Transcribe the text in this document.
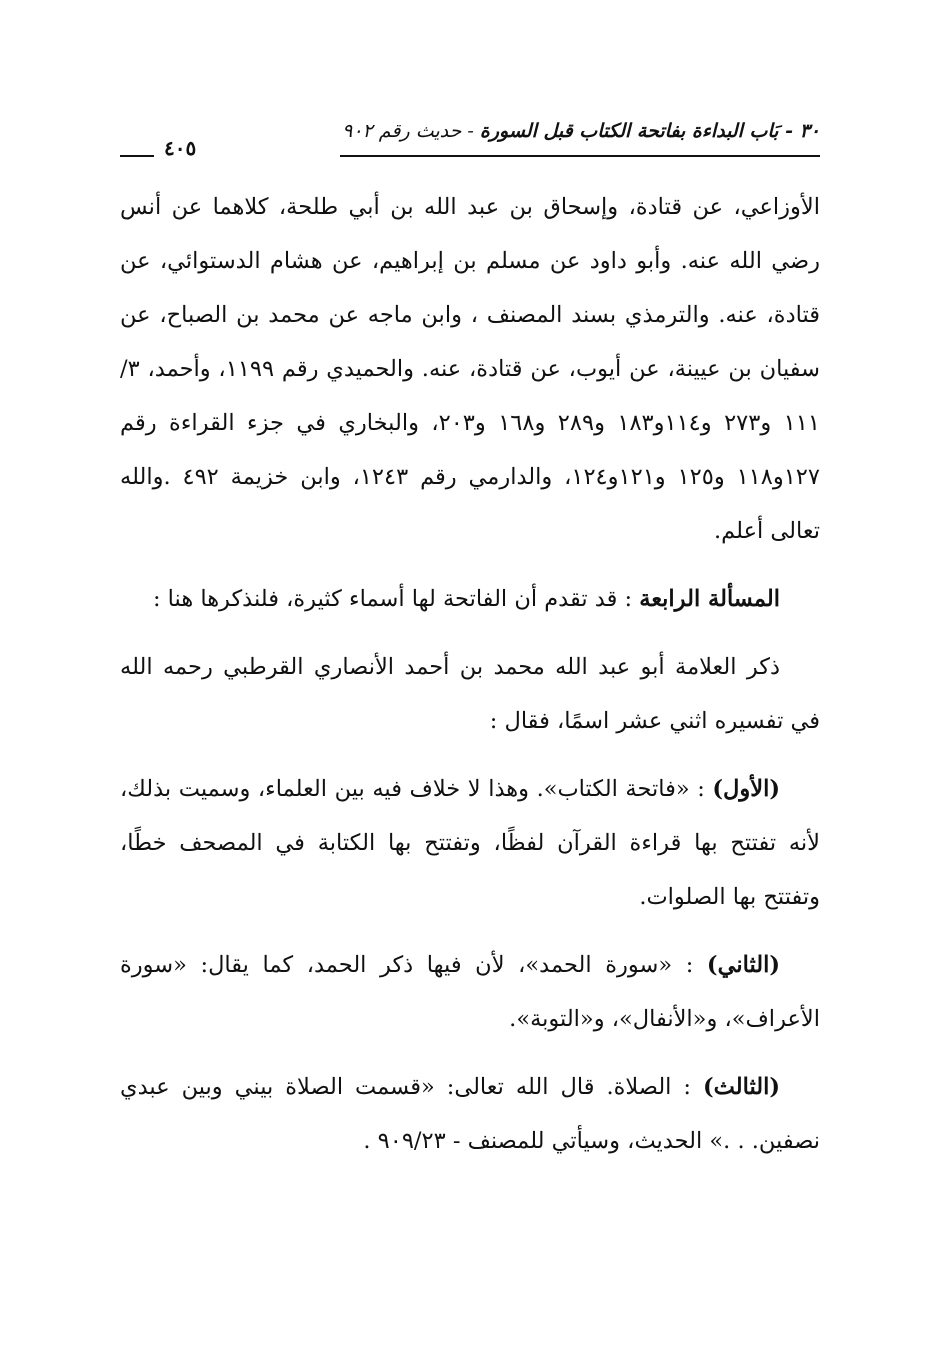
٣٠ - بَاب البداءة بفاتحة الكتاب قبل السورة - حديث رقم ٩٠٢
٤٠٥

الأوزاعي، عن قتادة، وإسحاق بن عبد الله بن أبي طلحة، كلاهما عن أنس رضي الله عنه. وأبو داود عن مسلم بن إبراهيم، عن هشام الدستوائي، عن قتادة، عنه. والترمذي بسند المصنف ، وابن ماجه عن محمد بن الصباح، عن سفيان بن عيينة، عن أيوب، عن قتادة، عنه. والحميدي رقم ١١٩٩، وأحمد، ٣/ ١١١ و٢٧٣ و١١٤و١٨٣ و٢٨٩ و١٦٨ و٢٠٣، والبخاري في جزء القراءة رقم ١٢٧و١١٨ و١٢٥ و١٢١و١٢٤، والدارمي رقم ١٢٤٣، وابن خزيمة ٤٩٢ .والله تعالى أعلم.

المسألة الرابعة : قد تقدم أن الفاتحة لها أسماء كثيرة، فلنذكرها هنا :

ذكر العلامة أبو عبد الله محمد بن أحمد الأنصاري القرطبي رحمه الله في تفسيره اثني عشر اسمًا، فقال :

(الأول) : «فاتحة الكتاب». وهذا لا خلاف فيه بين العلماء، وسميت بذلك، لأنه تفتتح بها قراءة القرآن لفظًا، وتفتتح بها الكتابة في المصحف خطًا، وتفتتح بها الصلوات.

(الثاني) : «سورة الحمد»، لأن فيها ذكر الحمد، كما يقال: «سورة الأعراف»، و«الأنفال»، و«التوبة».

(الثالث) : الصلاة. قال الله تعالى: «قسمت الصلاة بيني وبين عبدي نصفين. . .» الحديث، وسيأتي للمصنف - ٩٠٩/٢٣ .
